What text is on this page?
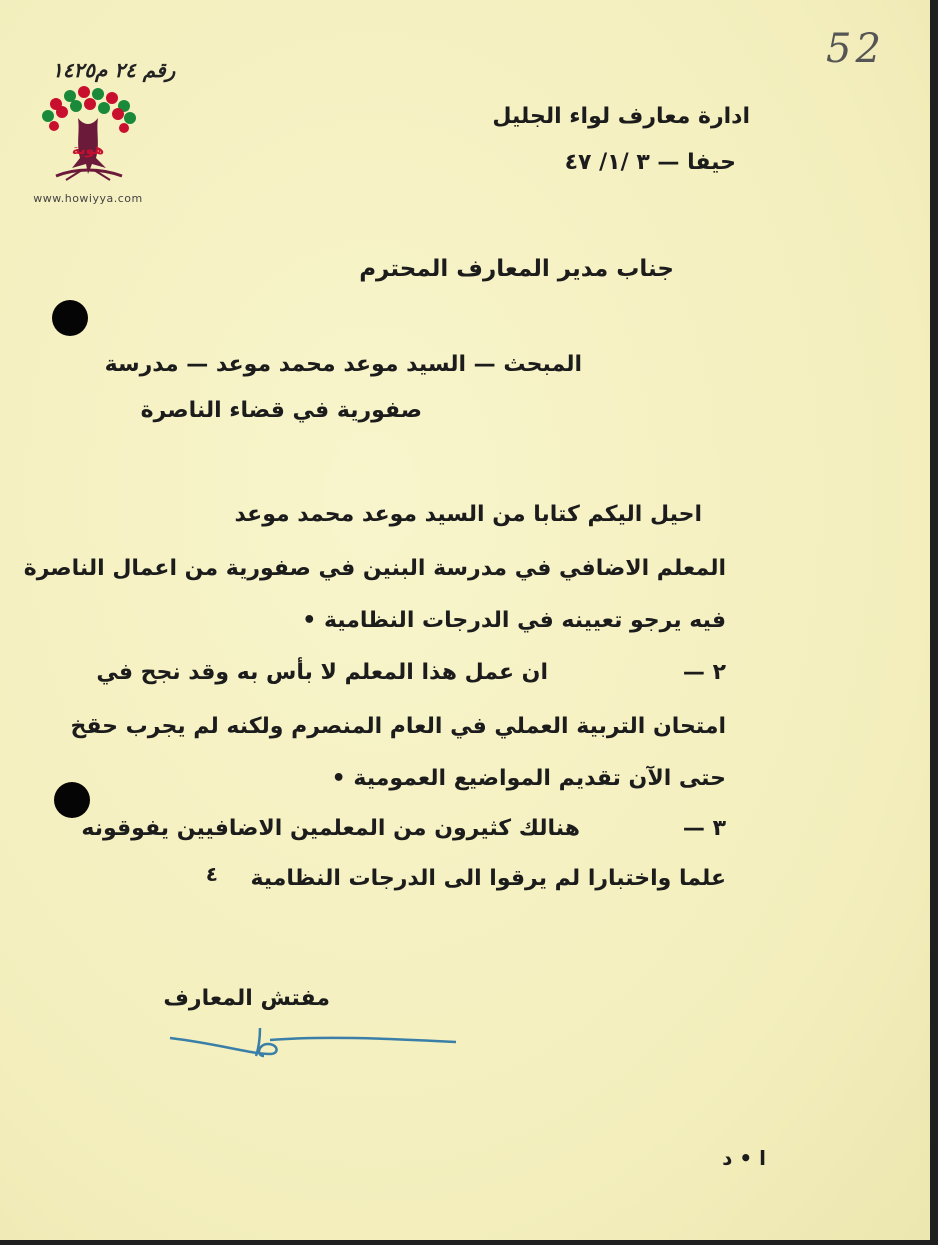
52
رقم ٢٤ م١٤٢٥
هوية
www.howiyya.com
ادارة معارف لواء الجليل
حيفا — ٣ /١/ ٤٧
جناب مدير المعارف المحترم
المبحث — السيد موعد محمد موعد — مدرسة
صفورية في قضاء الناصرة
احيل اليكم كتابا من السيد موعد محمد موعد
المعلم الاضافي في مدرسة البنين في صفورية من اعمال الناصرة
فيه يرجو تعيينه في الدرجات النظامية •
٢ —
ان عمل هذا المعلم لا بأس به وقد نجح في
امتحان التربية العملي في العام المنصرم ولكنه لم يجرب حقخ
حتى الآن تقديم المواضيع العمومية •
٣ —
هنالك كثيرون من المعلمين الاضافيين يفوقونه
علما واختبارا لم يرقوا الى الدرجات النظامية
٤
مفتش المعارف
ا • د
